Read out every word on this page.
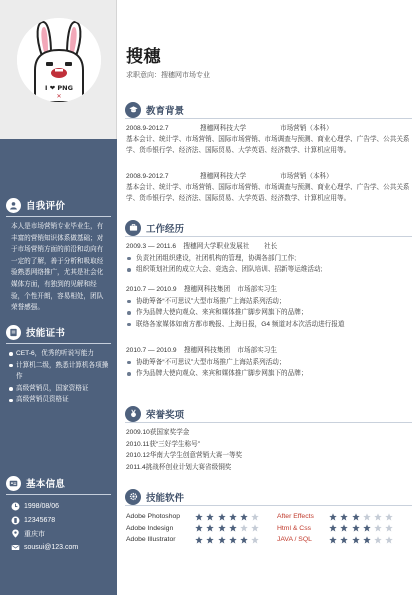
I ❤ PNG
✕
自我评价
本人是市场营销专业毕业生，有丰富的营销知识体系做基础；对于市场营销方面的前沿和动向有一定的了解，善于分析和吸取经验熟悉网络推广，尤其是社会化媒体方面，有独到的见解和经验，个性开朗，容易相处，团队荣誉感强。
技能证书
CET-6，优秀的听说写能力
计算机二级，熟悉计算机各项操作
高级营销员，国家资格证
高级营销员资格证
基本信息
1998/08/06
12345678
重庆市
sousui@123.com
搜穗
求职意向：搜穗网市场专业
教育背景
2008.9-2012.7	搜穗网科技大学	市场营销（本科）
基本会计、统计学、市场营销、国际市场营销、市场调查与预测、商业心理学、广告学、公共关系学、货币银行学、经济法、国际贸易、大学英语、经济数学、计算机应用等。
2008.9-2012.7	搜穗网科技大学	市场营销（本科）
基本会计、统计学、市场营销、国际市场营销、市场调查与预测、商业心理学、广告学、公共关系学、货币银行学、经济法、国际贸易、大学英语、经济数学、计算机应用等。
工作经历
2009.3 — 2011.6    搜穗网大学职业发展社        社长
负责社团组织建设，社团机构的管理，协调各部门工作;
组织策划社团的成立大会、竞选会、团队培训、招新等运维活动;
2010.7 — 2010.9    搜穗网科技集团    市场部实习生
协助筹备“不可思议”大型市场推广上海站系列活动；
作为品牌大使向观众、来宾和媒体推广脚步网旗下的品牌；
联络各家媒体如南方都市晚报、上海日报，G4 频道对本次活动进行报道
2010.7 — 2010.9    搜穗网科技集团    市场部实习生
协助筹备“不可思议”大型市场推广上海站系列活动；
作为品牌大使向观众、来宾和媒体推广脚步网旗下的品牌；
荣誉奖项
2009.10获国家奖学金
2010.11获“三好学生称号”
2010.12华南大学生创意营销大赛一等奖
2011.4挑战杯创业计划大赛省级铜奖
技能软件
Adobe Photoshop	After Effects
Adobe Indesign	Html & Css
Adobe Illustrator	JAVA / SQL
